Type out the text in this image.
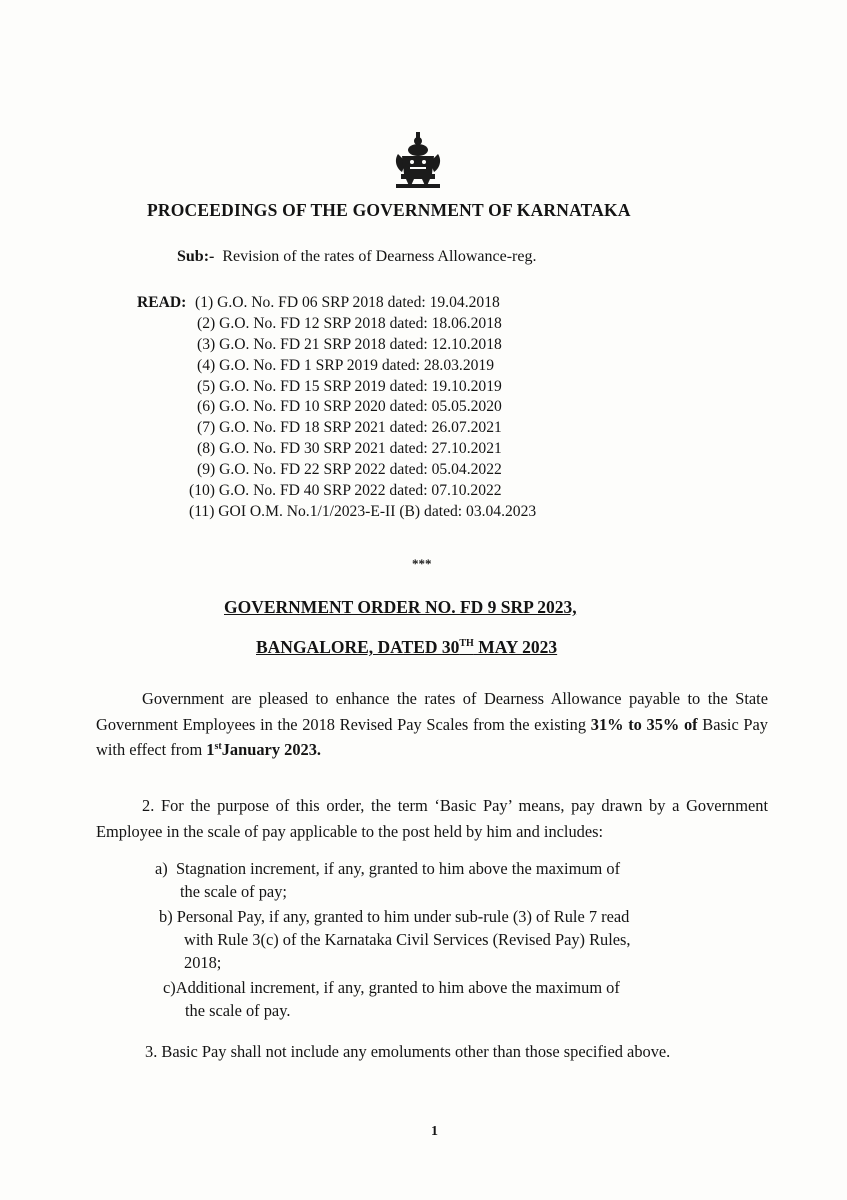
PROCEEDINGS OF THE GOVERNMENT OF KARNATAKA
Sub:- Revision of the rates of Dearness Allowance-reg.
READ: (1) G.O. No. FD 06 SRP 2018 dated: 19.04.2018
(2) G.O. No. FD 12 SRP 2018 dated: 18.06.2018
(3) G.O. No. FD 21 SRP 2018 dated: 12.10.2018
(4) G.O. No. FD 1 SRP 2019 dated: 28.03.2019
(5) G.O. No. FD 15 SRP 2019 dated: 19.10.2019
(6) G.O. No. FD 10 SRP 2020 dated: 05.05.2020
(7) G.O. No. FD 18 SRP 2021 dated: 26.07.2021
(8) G.O. No. FD 30 SRP 2021 dated: 27.10.2021
(9) G.O. No. FD 22 SRP 2022 dated: 05.04.2022
(10) G.O. No. FD 40 SRP 2022 dated: 07.10.2022
(11) GOI O.M. No.1/1/2023-E-II (B) dated: 03.04.2023
***
GOVERNMENT ORDER NO. FD 9 SRP 2023,
BANGALORE, DATED 30TH MAY 2023
Government are pleased to enhance the rates of Dearness Allowance payable to the State Government Employees in the 2018 Revised Pay Scales from the existing 31% to 35% of Basic Pay with effect from 1stJanuary 2023.
2. For the purpose of this order, the term ‘Basic Pay’ means, pay drawn by a Government Employee in the scale of pay applicable to the post held by him and includes:
a) Stagnation increment, if any, granted to him above the maximum of
the scale of pay;
b) Personal Pay, if any, granted to him under sub-rule (3) of Rule 7 read
with Rule 3(c) of the Karnataka Civil Services (Revised Pay) Rules,
2018;
c)Additional increment, if any, granted to him above the maximum of
the scale of pay.
3. Basic Pay shall not include any emoluments other than those specified above.
1
